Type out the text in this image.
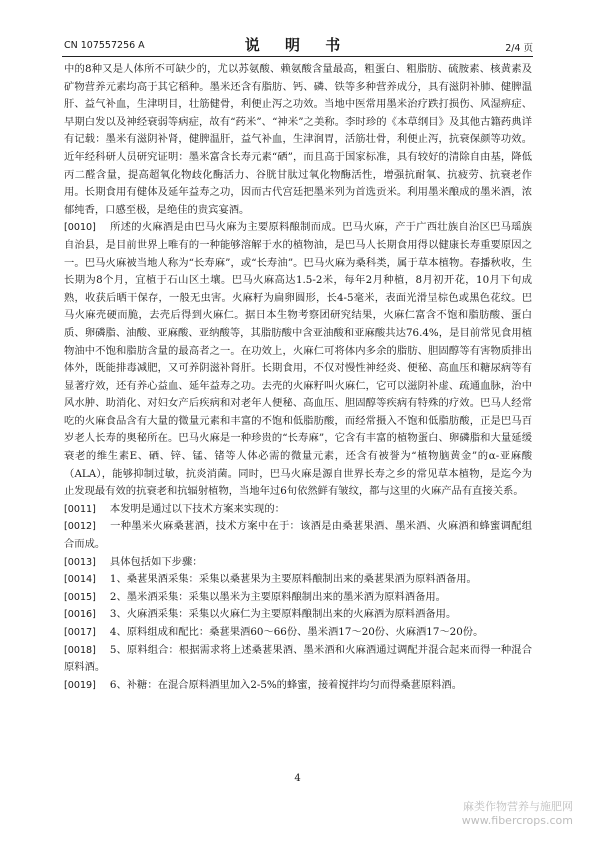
CN 107557256 A	说 明 书	2/4 页

中的8种又是人体所不可缺少的，尤以苏氨酸、赖氨酸含量最高，粗蛋白、粗脂肪、硫胺素、核黄素及矿物营养元素均高于其它稻种。墨米还含有脂肪、钙、磷、铁等多种营养成分，具有滋阴补肺、健脾温肝、益气补血，生津明目，壮筋健骨，利便止泻之功效。当地中医常用墨米治疗跌打损伤、风湿痹症、早期白发以及神经衰弱等病症，故有“药米”、“神米”之美称。李时珍的《本草纲目》及其他古籍药典详有记载：墨米有滋阴补肾，健脾温肝，益气补血，生津润胃，活筋壮骨，利便止泻，抗衰保颜等功效。近年经科研人员研究证明：墨米富含长寿元素“硒”，而且高于国家标准，具有较好的清除自由基，降低丙二醛含量，提高超氧化物歧化酶活力、谷胱甘肽过氧化物酶活性，增强抗耐氧、抗疲劳、抗衰老作用。长期食用有健体及延年益寿之功，因而古代宫廷把墨米列为首选贡米。利用墨米酿成的墨米酒，浓郁纯香，口感至极，是绝佳的贵宾宴酒。

[0010] 所述的火麻酒是由巴马火麻为主要原料酿制而成。巴马火麻，产于广西壮族自治区巴马瑶族自治县，是目前世界上唯有的一种能够溶解于水的植物油，是巴马人长期食用得以健康长寿重要原因之一。巴马火麻被当地人称为“长寿麻”，或“长寿油”。巴马火麻为桑科类，属于草本植物。春播秋收，生长期为8个月，宜植于石山区土壤。巴马火麻高达1.5-2米，每年2月种植，8月初开花，10月下旬成熟，收获后晒干保存，一般无虫害。火麻籽为扁卵圆形，长4-5毫米，表面光滑呈棕色或黑色花纹。巴马火麻壳硬而脆，去壳后得到火麻仁。据日本生物考察团研究结果，火麻仁富含不饱和脂肪酸、蛋白质、卵磷脂、油酸、亚麻酸、亚纳酸等，其脂肪酸中含亚油酸和亚麻酸共达76.4%，是目前常见食用植物油中不饱和脂肪含量的最高者之一。在功效上，火麻仁可将体内多余的脂肪、胆固醇等有害物质排出体外，既能排毒减肥，又可养阴滋补肾肝。长期食用，不仅对慢性神经炎、便秘、高血压和糖尿病等有显著疗效，还有养心益血、延年益寿之功。去壳的火麻籽叫火麻仁，它可以滋阴补虚、疏通血脉，治中风水肿、助消化、对妇女产后疾病和对老年人便秘、高血压、胆固醇等疾病有特殊的疗效。巴马人经常吃的火麻食品含有大量的微量元素和丰富的不饱和低脂肪酸，而经常摄入不饱和低脂肪酸，正是巴马百岁老人长寿的奥秘所在。巴马火麻是一种珍贵的“长寿麻”，它含有丰富的植物蛋白、卵磷脂和大量延缓衰老的维生素E、硒、锌、锰、锗等人体必需的微量元素，还含有被誉为“植物脑黄金”的α-亚麻酸（ALA），能够抑制过敏，抗炎消菌。同时，巴马火麻是源自世界长寿之乡的常见草本植物，是迄今为止发现最有效的抗衰老和抗辐射植物，当地年过6旬依然鲜有皱纹，都与这里的火麻产品有直接关系。

[0011] 本发明是通过以下技术方案来实现的：

[0012] 一种墨米火麻桑葚酒，技术方案中在于：该酒是由桑葚果酒、墨米酒、火麻酒和蜂蜜调配组合而成。

[0013] 具体包括如下步骤：

[0014] 1、桑葚果酒采集：采集以桑葚果为主要原料酿制出来的桑葚果酒为原料酒备用。

[0015] 2、墨米酒采集：采集以墨米为主要原料酿制出来的墨米酒为原料酒备用。

[0016] 3、火麻酒采集：采集以火麻仁为主要原料酿制出来的火麻酒为原料酒备用。

[0017] 4、原料组成和配比：桑葚果酒60～66份、墨米酒17～20份、火麻酒17～20份。

[0018] 5、原料组合：根据需求将上述桑葚果酒、墨米酒和火麻酒通过调配并混合起来而得一种混合原料酒。

[0019] 6、补糖：在混合原料酒里加入2-5%的蜂蜜，接着搅拌均匀而得桑葚原料酒。

4
麻类作物营养与施肥网
www.fibercrops.com
